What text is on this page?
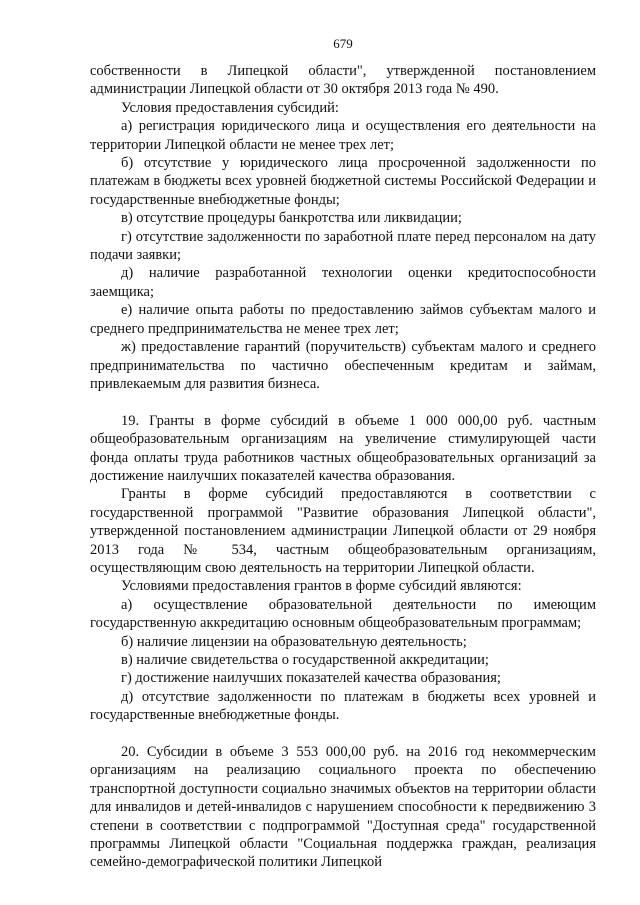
679

собственности в Липецкой области", утвержденной постановлением администрации Липецкой области от 30 октября 2013 года № 490.

Условия предоставления субсидий:

а) регистрация юридического лица и осуществления его деятельности на территории Липецкой области не менее трех лет;

б) отсутствие у юридического лица просроченной задолженности по платежам в бюджеты всех уровней бюджетной системы Российской Федерации и государственные внебюджетные фонды;

в) отсутствие процедуры банкротства или ликвидации;

г) отсутствие задолженности по заработной плате перед персоналом на дату подачи заявки;

д) наличие разработанной технологии оценки кредитоспособности заемщика;

е) наличие опыта работы по предоставлению займов субъектам малого и среднего предпринимательства не менее трех лет;

ж) предоставление гарантий (поручительств) субъектам малого и среднего предпринимательства по частично обеспеченным кредитам и займам, привлекаемым для развития бизнеса.

19. Гранты в форме субсидий в объеме 1 000 000,00 руб. частным общеобразовательным организациям на увеличение стимулирующей части фонда оплаты труда работников частных общеобразовательных организаций за достижение наилучших показателей качества образования.

Гранты в форме субсидий предоставляются в соответствии с государственной программой "Развитие образования Липецкой области", утвержденной постановлением администрации Липецкой области от 29 ноября 2013 года № 534, частным общеобразовательным организациям, осуществляющим свою деятельность на территории Липецкой области.

Условиями предоставления грантов в форме субсидий являются:

а) осуществление образовательной деятельности по имеющим государственную аккредитацию основным общеобразовательным программам;

б) наличие лицензии на образовательную деятельность;

в) наличие свидетельства о государственной аккредитации;

г) достижение наилучших показателей качества образования;

д) отсутствие задолженности по платежам в бюджеты всех уровней и государственные внебюджетные фонды.

20. Субсидии в объеме 3 553 000,00 руб. на 2016 год некоммерческим организациям на реализацию социального проекта по обеспечению транспортной доступности социально значимых объектов на территории области для инвалидов и детей-инвалидов с нарушением способности к передвижению 3 степени в соответствии с подпрограммой "Доступная среда" государственной программы Липецкой области "Социальная поддержка граждан, реализация семейно-демографической политики Липецкой
